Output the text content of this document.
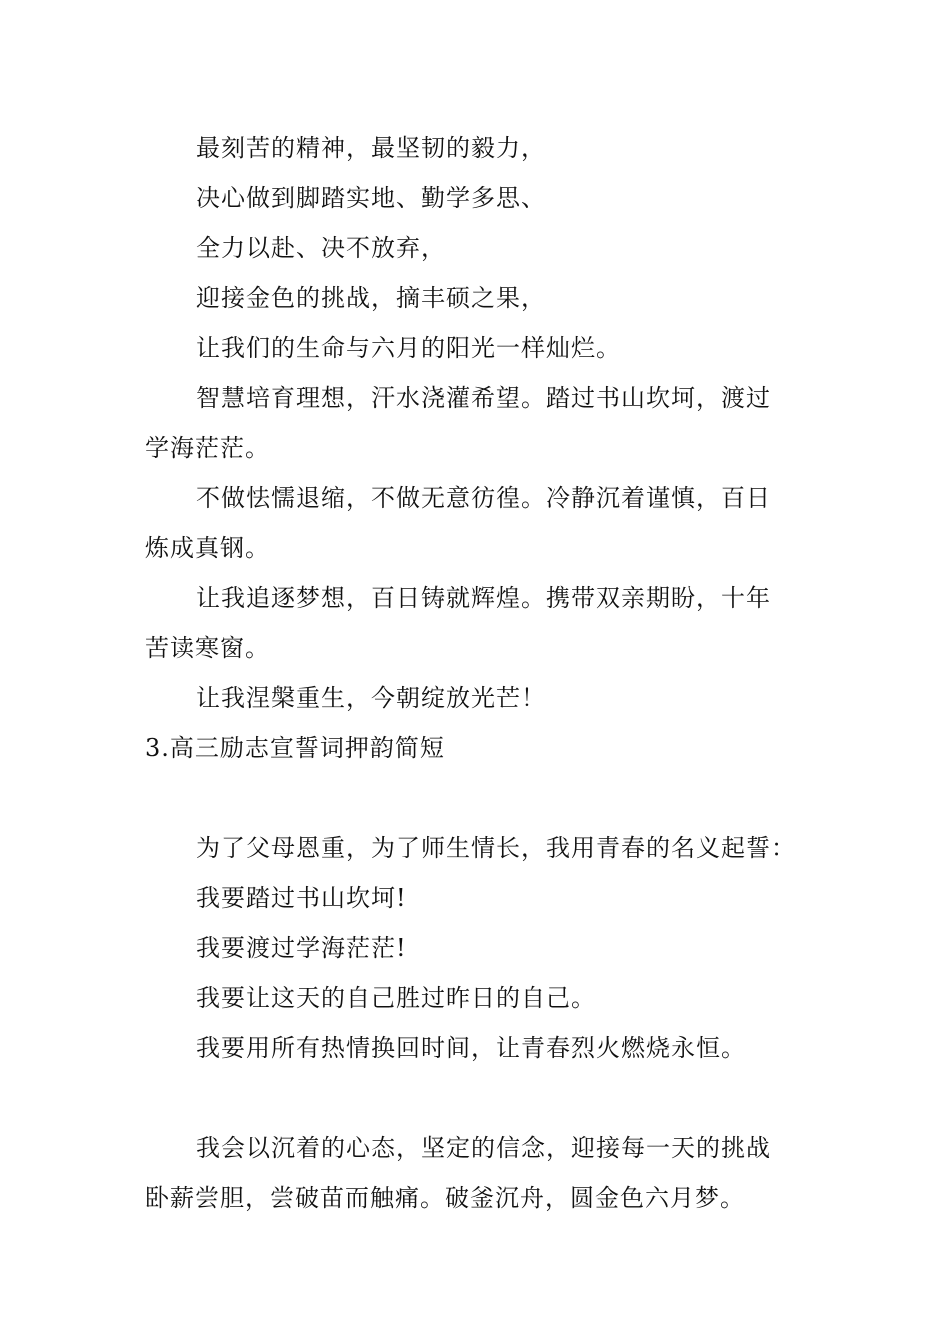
最刻苦的精神，最坚韧的毅力，
决心做到脚踏实地、勤学多思、
全力以赴、决不放弃，
迎接金色的挑战，摘丰硕之果，
让我们的生命与六月的阳光一样灿烂。
智慧培育理想，汗水浇灌希望。踏过书山坎坷，渡过
学海茫茫。
不做怯懦退缩，不做无意彷徨。冷静沉着谨慎，百日
炼成真钢。
让我追逐梦想，百日铸就辉煌。携带双亲期盼，十年
苦读寒窗。
让我涅槃重生，今朝绽放光芒！
3.高三励志宣誓词押韵简短
为了父母恩重，为了师生情长，我用青春的名义起誓：
我要踏过书山坎坷!
我要渡过学海茫茫!
我要让这天的自己胜过昨日的自己。
我要用所有热情换回时间，让青春烈火燃烧永恒。
我会以沉着的心态，坚定的信念，迎接每一天的挑战
卧薪尝胆，尝破苗而触痛。破釜沉舟，圆金色六月梦。
